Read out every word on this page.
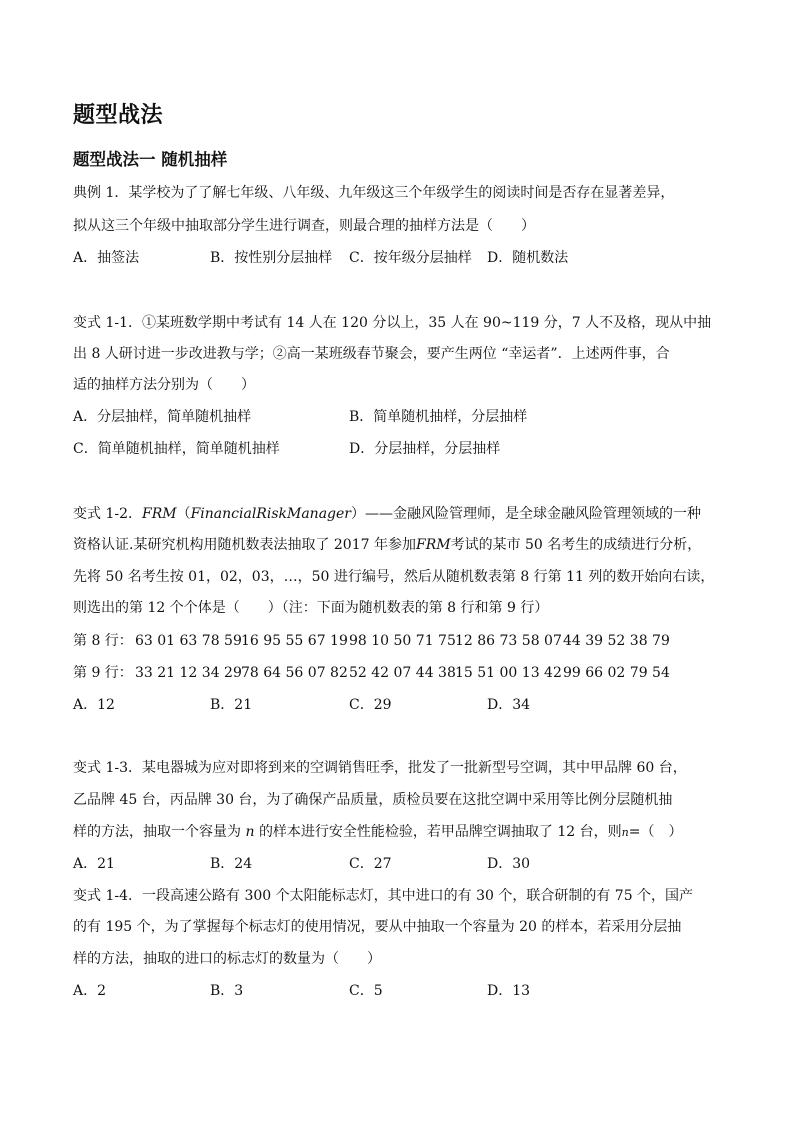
题型战法
题型战法一 随机抽样
典例 1．某学校为了了解七年级、八年级、九年级这三个年级学生的阅读时间是否存在显著差异，
拟从这三个年级中抽取部分学生进行调查，则最合理的抽样方法是（　　）
A．抽签法	B．按性别分层抽样 C．按年级分层抽样 D．随机数法
变式 1-1．①某班数学期中考试有 14 人在 120 分以上，35 人在 90~119 分，7 人不及格，现从中抽
出 8 人研讨进一步改进教与学；②高一某班级春节聚会，要产生两位 “幸运者”．上述两件事，合
适的抽样方法分别为（　　）
A．分层抽样，简单随机抽样	B．简单随机抽样，分层抽样
C．简单随机抽样，简单随机抽样	D．分层抽样，分层抽样
变式 1-2．FRM（FinancialRiskManager）——金融风险管理师，是全球金融风险管理领域的一种
资格认证.某研究机构用随机数表法抽取了 2017 年参加FRM考试的某市 50 名考生的成绩进行分析，
先将 50 名考生按 01，02，03，…，50 进行编号，然后从随机数表第 8 行第 11 列的数开始向右读，
则选出的第 12 个个体是（　　）（注：下面为随机数表的第 8 行和第 9 行）
第 8 行： 63 01 63 78 59 16 95 55 67 19 98 10 50 71 75 12 86 73 58 07 44 39 52 38 79
第 9 行： 33 21 12 34 29 78 64 56 07 82 52 42 07 44 38 15 51 00 13 42 99 66 02 79 54
A．12	B．21	C．29	D．34
变式 1-3．某电器城为应对即将到来的空调销售旺季，批发了一批新型号空调，其中甲品牌 60 台，
乙品牌 45 台，丙品牌 30 台，为了确保产品质量，质检员要在这批空调中采用等比例分层随机抽
样的方法，抽取一个容量为 n 的样本进行安全性能检验，若甲品牌空调抽取了 12 台，则n=（　）
A．21	B．24	C．27	D．30
变式 1-4．一段高速公路有 300 个太阳能标志灯，其中进口的有 30 个，联合研制的有 75 个，国产
的有 195 个，为了掌握每个标志灯的使用情况，要从中抽取一个容量为 20 的样本，若采用分层抽
样的方法，抽取的进口的标志灯的数量为（　　）
A．2	B．3	C．5	D．13
